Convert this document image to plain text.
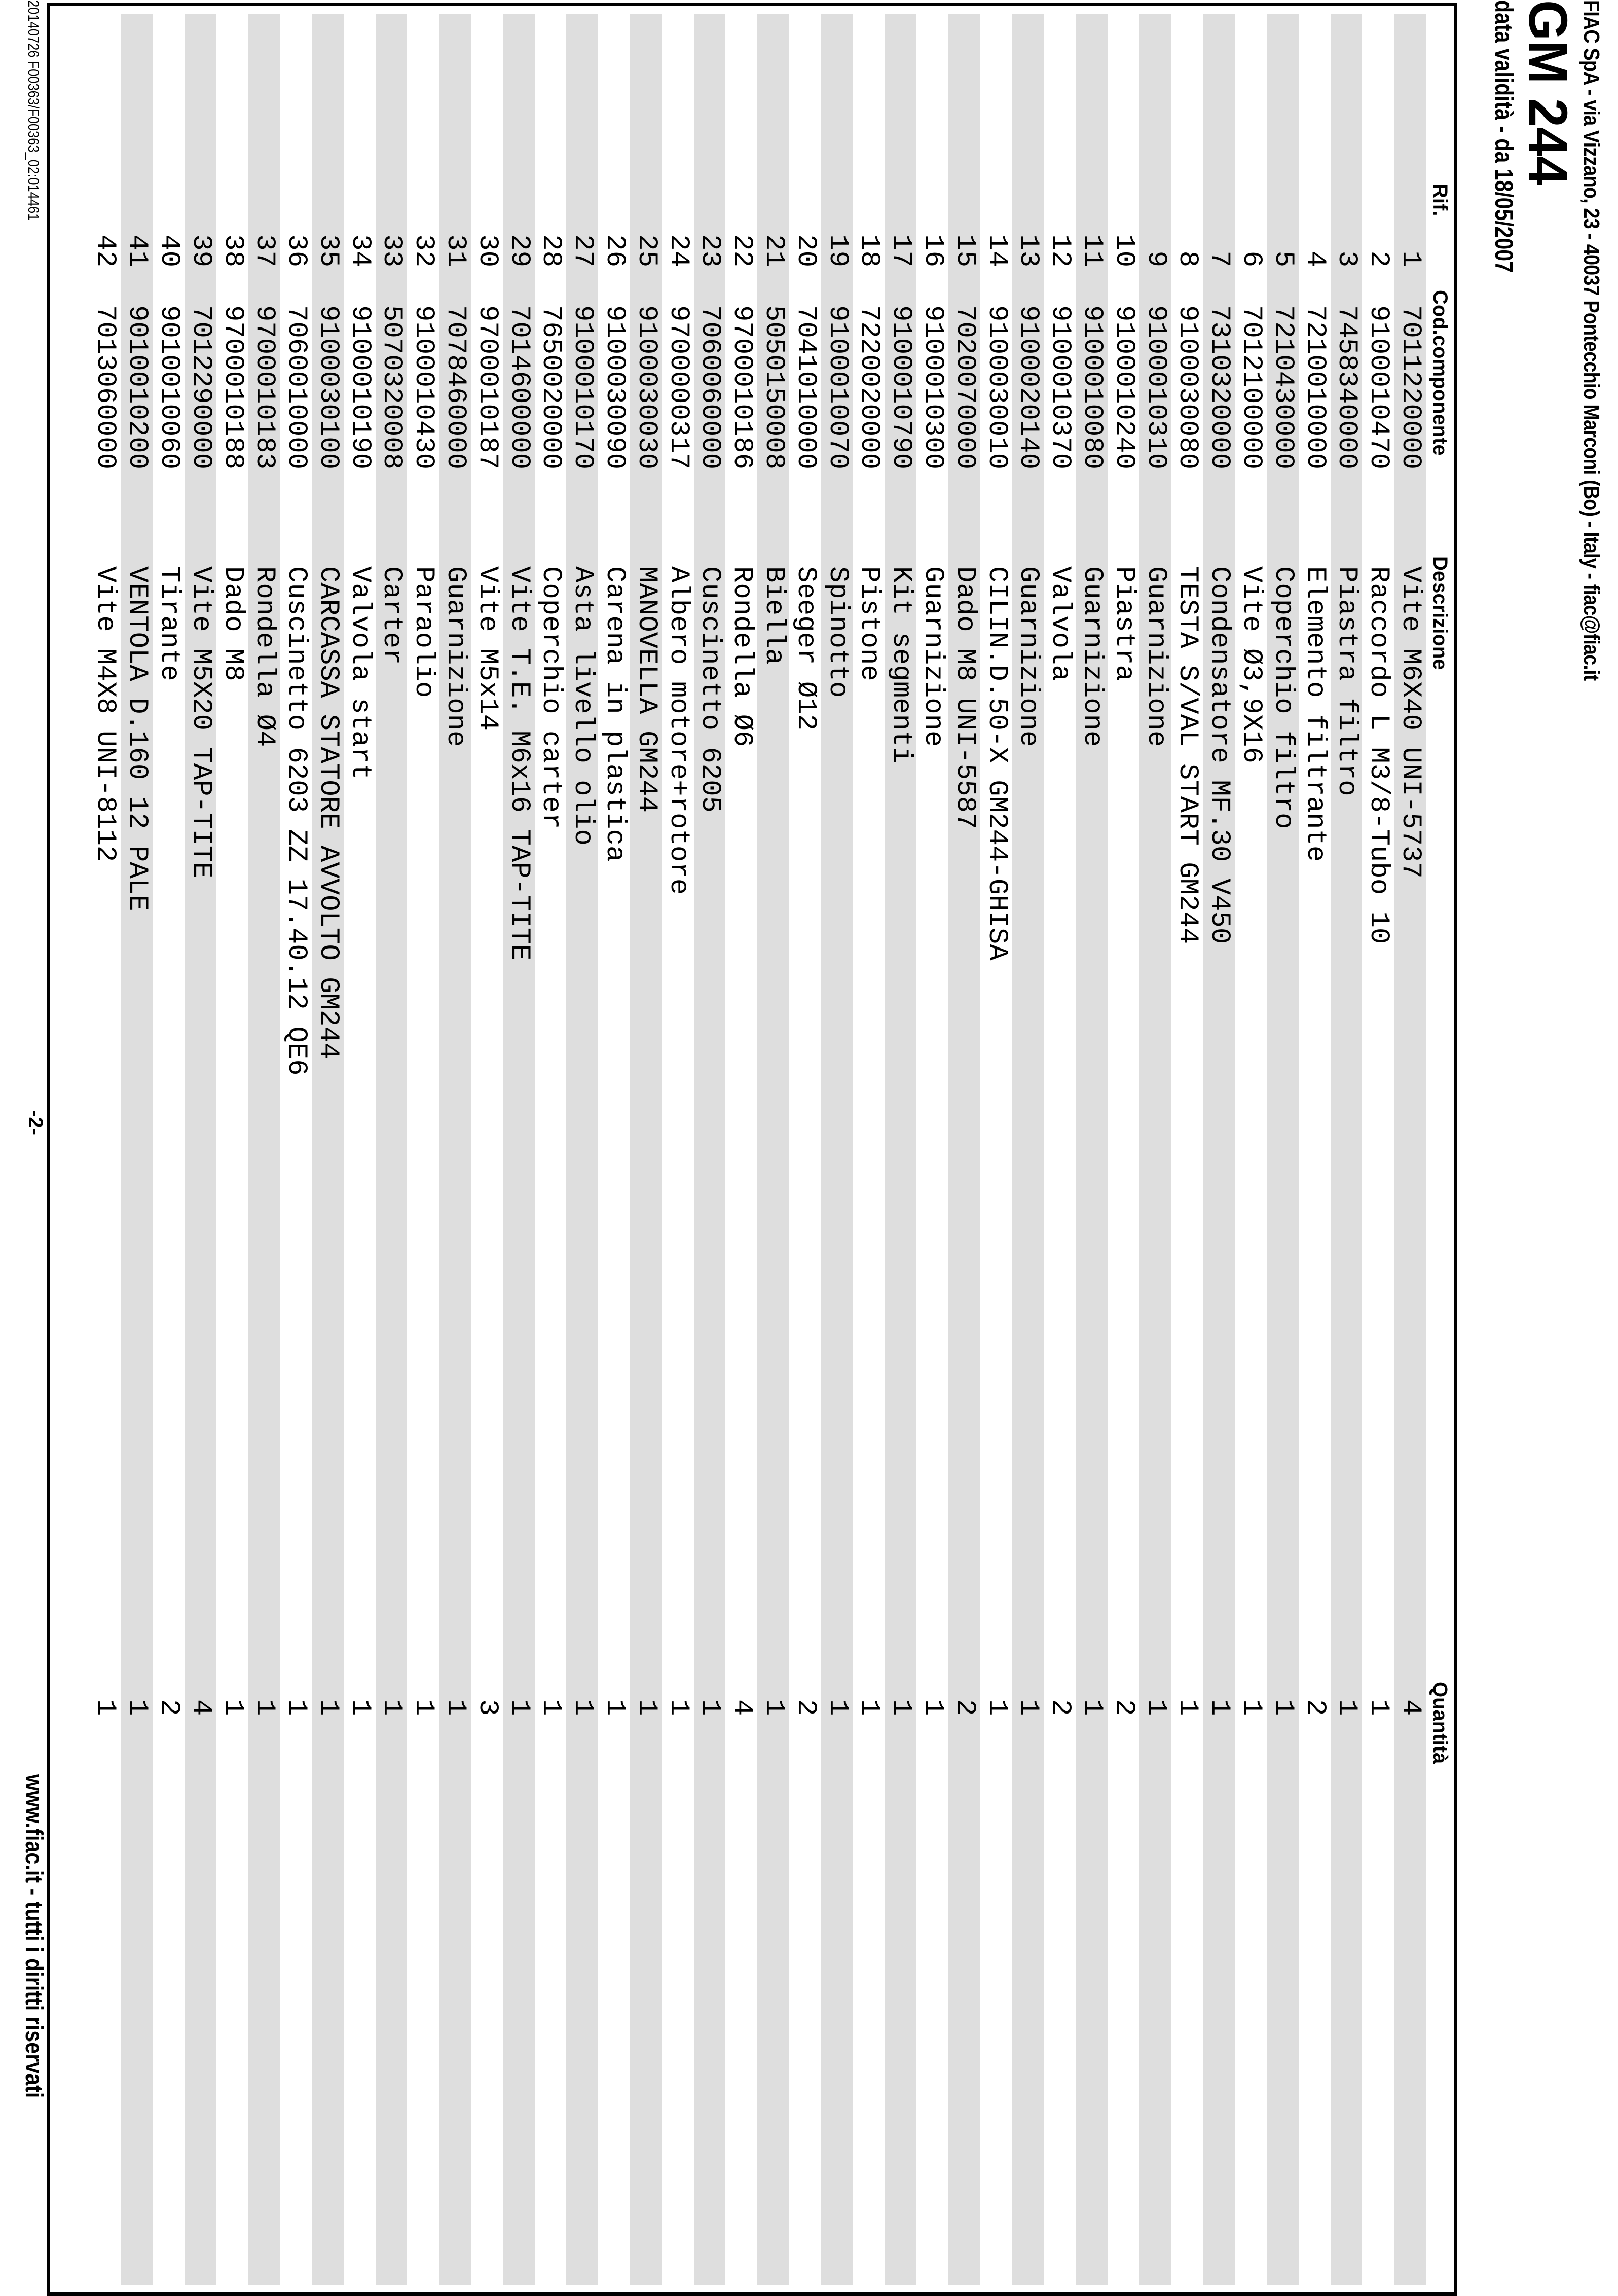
FIAC SpA - via Vizzano, 23 - 40037 Pontecchio Marconi (Bo) - Italy - fiac@fiac.it
GM 244
data validità - da 18/05/2007
Rif.
Cod.componente
Descrizione
Quantità
1
7011220000
Vite M6X40 UNI-5737
4
2
9100010470
Raccordo L M3/8-Tubo 10
1
3
7458340000
Piastra filtro
1
4
7210010000
Elemento filtrante
2
5
7210430000
Coperchio filtro
1
6
7012100000
Vite Ø3,9X16
1
7
7310320000
Condensatore MF.30 V450
1
8
9100030080
TESTA S/VAL START GM244
1
9
9100010310
Guarnizione
1
10
9100010240
Piastra
2
11
9100010080
Guarnizione
1
12
9100010370
Valvola
2
13
9100020140
Guarnizione
1
14
9100030010
CILIN.D.50-X GM244-GHISA
1
15
7020070000
Dado M8 UNI-5587
2
16
9100010300
Guarnizione
1
17
9100010790
Kit segmenti
1
18
7220020000
Pistone
1
19
9100010070
Spinotto
1
20
7041010000
Seeger Ø12
2
21
5050150008
Biella
1
22
9700010186
Rondella Ø6
4
23
7060060000
Cuscinetto 6205
1
24
9700000317
Albero motore+rotore
1
25
9100030030
MANOVELLA GM244
1
26
9100030090
Carena in plastica
1
27
9100010170
Asta livello olio
1
28
7650020000
Coperchio carter
1
29
7014600000
Vite T.E. M6x16 TAP-TITE
1
30
9700010187
Vite M5x14
3
31
7078460000
Guarnizione
1
32
9100010430
Paraolio
1
33
5070320008
Carter
1
34
9100010190
Valvola start
1
35
9100030100
CARCASSA STATORE AVVOLTO GM244
1
36
7060010000
Cuscinetto 6203 ZZ 17.40.12 QE6
1
37
9700010183
Rondella Ø4
1
38
9700010188
Dado M8
1
39
7012290000
Vite M5X20 TAP-TITE
4
40
9010010060
Tirante
2
41
9010010200
VENTOLA D.160 12 PALE
1
42
7013060000
Vite M4X8 UNI-8112
1
20140726 F00363/F00363_02:014461
-2-
www.fiac.it - tutti i diritti riservati
